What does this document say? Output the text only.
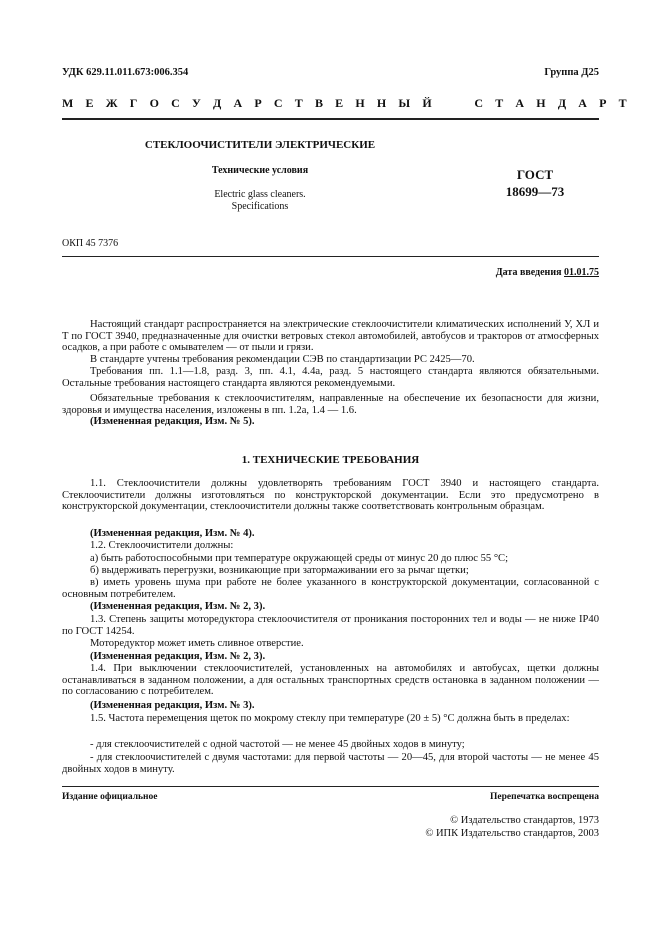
УДК 629.11.011.673:006.354	Группа Д25
М Е Ж Г О С У Д А Р С Т В Е Н Н Ы Й     С Т А Н Д А Р Т
СТЕКЛООЧИСТИТЕЛИ ЭЛЕКТРИЧЕСКИЕ
Технические условия
Electric glass cleaners.
Specifications
ГОСТ
18699—73
ОКП 45 7376
Дата введения 01.01.75

Настоящий стандарт распространяется на электрические стеклоочистители климатических исполнений У, ХЛ и Т по ГОСТ 3940, предназначенные для очистки ветровых стекол автомобилей, автобусов и тракторов от атмосферных осадков, а при работе с омывателем — от пыли и грязи.

В стандарте учтены требования рекомендации СЭВ по стандартизации РС 2425—70.

Требования пп. 1.1—1.8, разд. 3, пп. 4.1, 4.4а, разд. 5 настоящего стандарта являются обязательными. Остальные требования настоящего стандарта являются рекомендуемыми.

Обязательные требования к стеклоочистителям, направленные на обеспечение их безопасности для жизни, здоровья и имущества населения, изложены в пп. 1.2а, 1.4 — 1.6.

(Измененная редакция, Изм. № 5).

1. ТЕХНИЧЕСКИЕ ТРЕБОВАНИЯ

1.1. Стеклоочистители должны удовлетворять требованиям ГОСТ 3940 и настоящего стандарта. Стеклоочистители должны изготовляться по конструкторской документации. Если это предусмотрено в конструкторской документации, стеклоочистители должны также соответствовать контрольным образцам.

(Измененная редакция, Изм. № 4).

1.2. Стеклоочистители должны:

а) быть работоспособными при температуре окружающей среды от минус 20 до плюс 55 °С;

б) выдерживать перегрузки, возникающие при затормаживании его за рычаг щетки;

в) иметь уровень шума при работе не более указанного в конструкторской документации, согласованной с основным потребителем.

(Измененная редакция, Изм. № 2, 3).

1.3. Степень защиты моторедуктора стеклоочистителя от проникания посторонних тел и воды — не ниже IP40 по ГОСТ 14254.

Моторедуктор может иметь сливное отверстие.

(Измененная редакция, Изм. № 2, 3).

1.4. При выключении стеклоочистителей, установленных на автомобилях и автобусах, щетки должны останавливаться в заданном положении, а для остальных транспортных средств остановка в заданном положении — по согласованию с потребителем.

(Измененная редакция, Изм. № 3).

1.5. Частота перемещения щеток по мокрому стеклу при температуре (20 ± 5) °С должна быть в пределах:

- для стеклоочистителей с одной частотой — не менее 45 двойных ходов в минуту;

- для стеклоочистителей с двумя частотами: для первой частоты — 20—45, для второй частоты — не менее 45 двойных ходов в минуту.

Издание официальное	Перепечатка воспрещена
© Издательство стандартов, 1973
© ИПК Издательство стандартов, 2003
